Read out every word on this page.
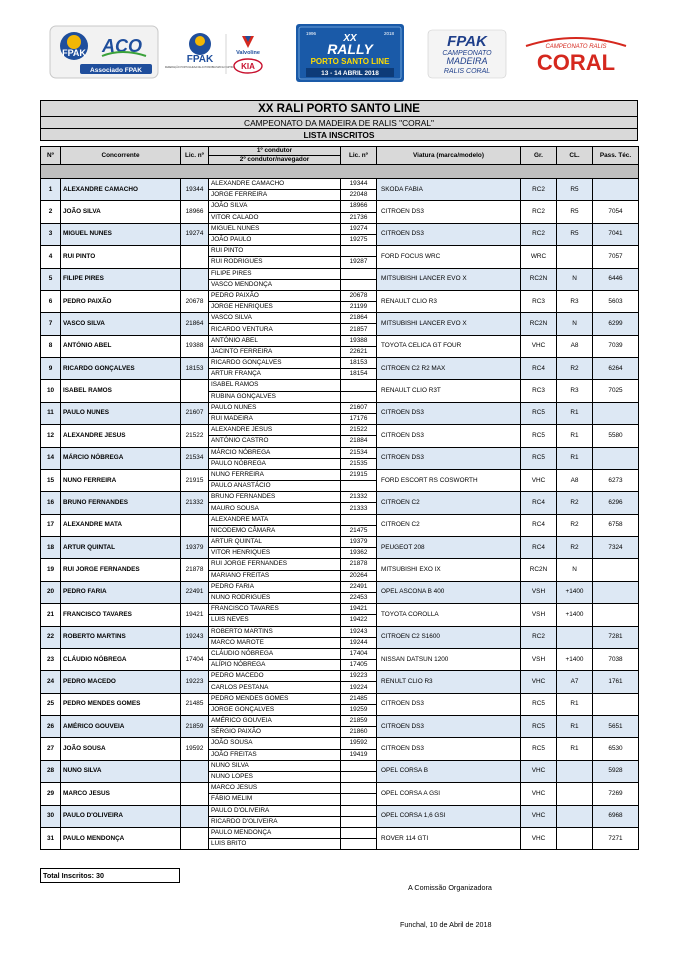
FPAK ACO
Associado FPAK
FPAK
FEDERAÇÃO PORTUGUESA DE AUTOMOBILISMO E KARTING
Valvoline
KIA
1996	2018
XX
RALLY
PORTO SANTO LINE
13 - 14 ABRIL 2018
FPAK
CAMPEONATO
MADEIRA
RALIS CORAL
CAMPEONATO RALIS
CORAL
XX RALI PORTO SANTO LINE
CAMPEONATO DA MADEIRA DE RALIS "CORAL"
LISTA INSCRITOS
Nº	Concorrente	Lic. nº	1º condutor	Lic. nº	Viatura (marca/modelo)	Gr.	CL.	Pass. Téc.
			2º condutor/navegador					

1	ALEXANDRE CAMACHO	19344	ALEXANDRE CAMACHO	19344	SKODA FABIA	RC2	R5	
			JORGE FERREIRA	22048				
2	JOÃO SILVA	18966	JOÃO SILVA	18966	CITROEN DS3	RC2	R5	7054
			VITOR CALADO	21736				
3	MIGUEL NUNES	19274	MIGUEL NUNES	19274	CITROEN DS3	RC2	R5	7041
			JOÃO PAULO	19275				
4	RUI PINTO		RUI PINTO		FORD FOCUS WRC	WRC		7057
			RUI RODRIGUES	19287				
5	FILIPE PIRES		FILIPE PIRES		MITSUBISHI LANCER EVO X	RC2N	N	6446
			VASCO MENDONÇA					
6	PEDRO PAIXÃO	20678	PEDRO PAIXÃO	20678	RENAULT CLIO R3	RC3	R3	5603
			JORGE HENRIQUES	21199				
7	VASCO SILVA	21864	VASCO SILVA	21864	MITSUBISHI LANCER EVO X	RC2N	N	6299
			RICARDO VENTURA	21857				
8	ANTÓNIO ABEL	19388	ANTÓNIO ABEL	19388	TOYOTA CELICA GT FOUR	VHC	A8	7039
			JACINTO FERREIRA	22621				
9	RICARDO GONÇALVES	18153	RICARDO GONÇALVES	18153	CITROEN C2 R2 MAX	RC4	R2	6264
			ARTUR FRANÇA	18154				
10	ISABEL RAMOS		ISABEL RAMOS		RENAULT CLIO R3T	RC3	R3	7025
			RUBINA GONÇALVES					
11	PAULO NUNES	21607	PAULO NUNES	21607	CITROEN DS3	RC5	R1	
			RUI MADEIRA	17176				
12	ALEXANDRE JESUS	21522	ALEXANDRE JESUS	21522	CITROEN DS3	RC5	R1	5580
			ANTÓNIO CASTRO	21884				
14	MÁRCIO NÓBREGA	21534	MÁRCIO NÓBREGA	21534	CITROEN DS3	RC5	R1	
			PAULO NÓBREGA	21535				
15	NUNO FERREIRA	21915	NUNO FERREIRA	21915	FORD ESCORT RS COSWORTH	VHC	A8	6273
			PAULO ANASTÁCIO					
16	BRUNO FERNANDES	21332	BRUNO FERNANDES	21332	CITROEN C2	RC4	R2	6296
			MAURO SOUSA	21333				
17	ALEXANDRE MATA		ALEXANDRE MATA		CITROEN C2	RC4	R2	6758
			NICODEMO CÂMARA	21475				
18	ARTUR QUINTAL	19379	ARTUR QUINTAL	19379	PEUGEOT 208	RC4	R2	7324
			VITOR HENRIQUES	19362				
19	RUI JORGE FERNANDES	21878	RUI JORGE FERNANDES	21878	MITSUBISHI EXO IX	RC2N	N	
			MARIANO FREITAS	20264				
20	PEDRO FARIA	22491	PEDRO FARIA	22491	OPEL ASCONA B 400	VSH	+1400	
			NUNO RODRIGUES	22453				
21	FRANCISCO TAVARES	19421	FRANCISCO TAVARES	19421	TOYOTA COROLLA	VSH	+1400	
			LUIS NEVES	19422				
22	ROBERTO MARTINS	19243	ROBERTO MARTINS	19243	CITROEN C2 S1600	RC2		7281
			MARCO MAROTE	19244				
23	CLÁUDIO NÓBREGA	17404	CLÁUDIO NÓBREGA	17404	NISSAN DATSUN 1200	VSH	+1400	7038
			ALÍPIO NÓBREGA	17405				
24	PEDRO MACEDO	19223	PEDRO MACEDO	19223	RENULT CLIO R3	VHC	A7	1761
			CARLOS PESTANA	19224				
25	PEDRO MENDES GOMES	21485	PEDRO MENDES GOMES	21485	CITROEN DS3	RC5	R1	
			JORGE GONÇALVES	19259				
26	AMÉRICO GOUVEIA	21859	AMÉRICO GOUVEIA	21859	CITROEN DS3	RC5	R1	5651
			SÉRGIO PAIXÃO	21860				
27	JOÃO SOUSA	19592	JOÃO SOUSA	19592	CITROEN DS3	RC5	R1	6530
			JOÃO FREITAS	19419				
28	NUNO SILVA		NUNO SILVA		OPEL CORSA B	VHC		5928
			NUNO LOPES					
29	MARCO JESUS		MARCO JESUS		OPEL CORSA A GSI	VHC		7269
			FÁBIO MELIM					
30	PAULO D'OLIVEIRA		PAULO D'OLIVEIRA		OPEL CORSA 1,6 GSI	VHC		6968
			RICARDO D'OLIVEIRA					
31	PAULO MENDONÇA		PAULO MENDONÇA		ROVER 114 GTI	VHC		7271
			LUIS BRITO					
Total Inscritos: 30
A Comissão Organizadora
Funchal, 10 de Abril de 2018
